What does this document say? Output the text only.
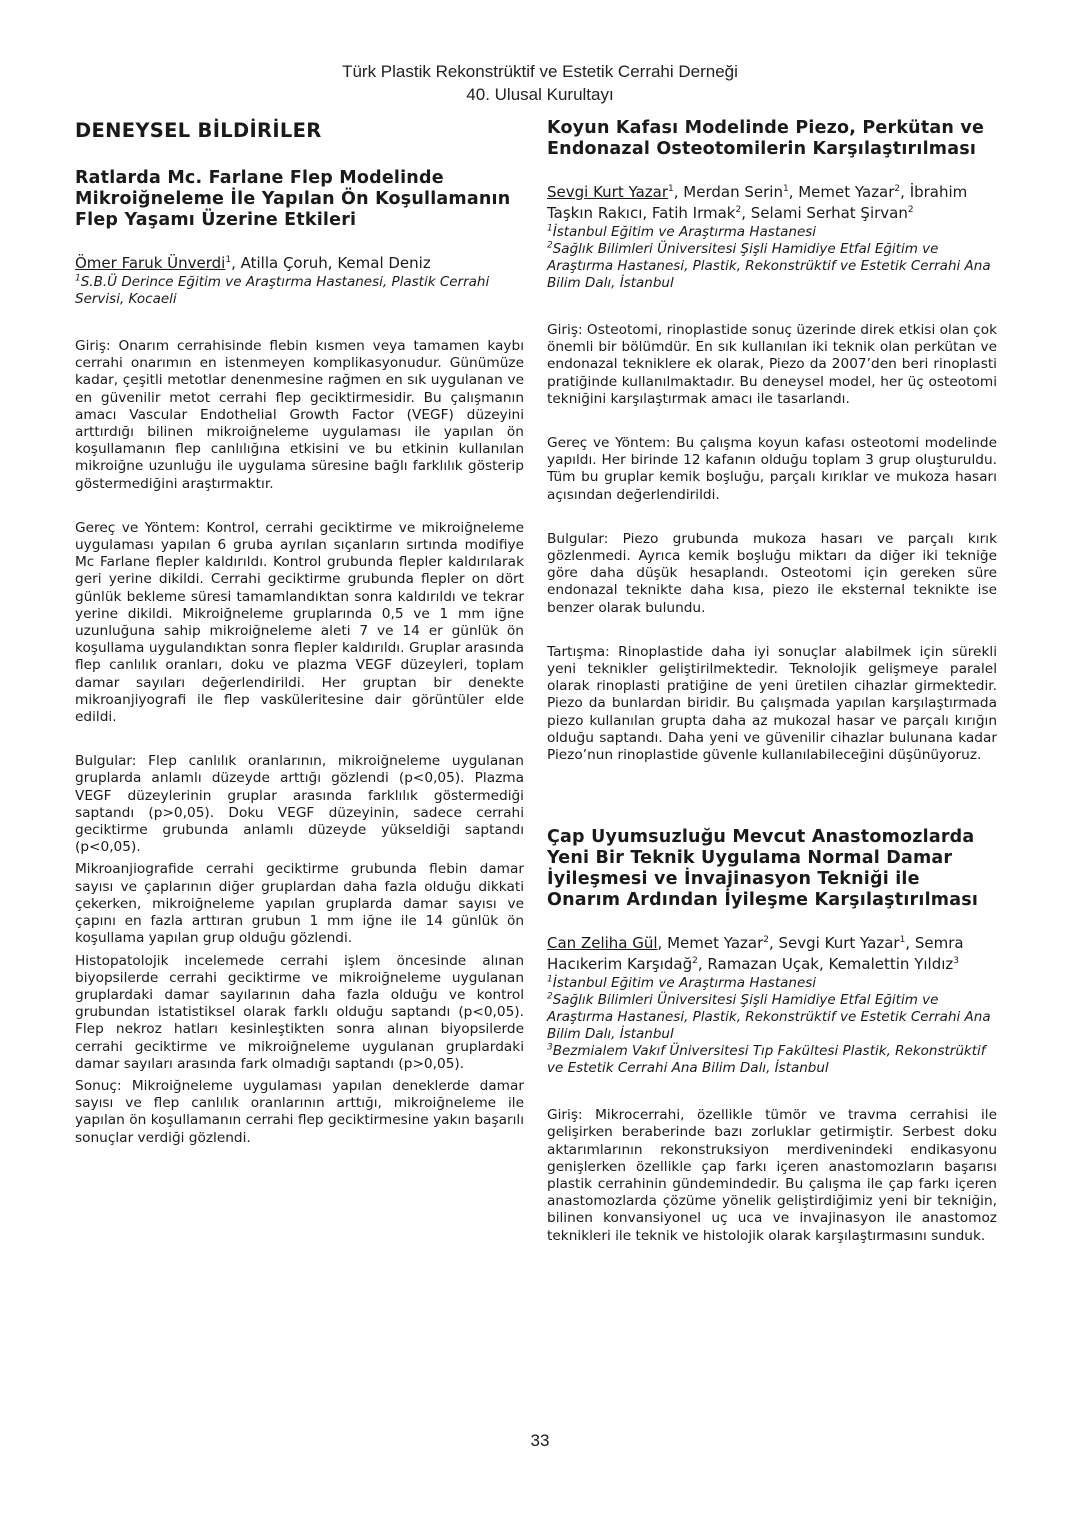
Türk Plastik Rekonstrüktif ve Estetik Cerrahi Derneği
40. Ulusal Kurultayı
DENEYSEL BİLDİRİLER
Ratlarda Mc. Farlane Flep Modelinde Mikroiğneleme İle Yapılan Ön Koşullamanın Flep Yaşamı Üzerine Etkileri

Ömer Faruk Ünverdi$^1$, Atilla Çoruh, Kemal Deniz

$^1$S.B.Ü Derince Eğitim ve Araştırma Hastanesi, Plastik Cerrahi Servisi, Kocaeli

Giriş: Onarım cerrahisinde flebin kısmen veya tamamen kaybı cerrahi onarımın en istenmeyen komplikasyonudur. Günümüze kadar, çeşitli metotlar denenmesine rağmen en sık uygulanan ve en güvenilir metot cerrahi flep geciktirmesidir. Bu çalışmanın amacı Vascular Endothelial Growth Factor (VEGF) düzeyini arttırdığı bilinen mikroiğneleme uygulaması ile yapılan ön koşullamanın flep canlılığına etkisini ve bu etkinin kullanılan mikroiğne uzunluğu ile uygulama süresine bağlı farklılık gösterip göstermediğini araştırmaktır.

Gereç ve Yöntem: Kontrol, cerrahi geciktirme ve mikroiğneleme uygulaması yapılan 6 gruba ayrılan sıçanların sırtında modifiye Mc Farlane flepler kaldırıldı. Kontrol grubunda flepler kaldırılarak geri yerine dikildi. Cerrahi geciktirme grubunda flepler on dört günlük bekleme süresi tamamlandıktan sonra kaldırıldı ve tekrar yerine dikildi. Mikroiğneleme gruplarında 0,5 ve 1 mm iğne uzunluğuna sahip mikroiğneleme aleti 7 ve 14 er günlük ön koşullama uygulandıktan sonra flepler kaldırıldı. Gruplar arasında flep canlılık oranları, doku ve plazma VEGF düzeyleri, toplam damar sayıları değerlendirildi. Her gruptan bir denekte mikroanjiyografi ile flep vasküleritesine dair görüntüler elde edildi.

Bulgular: Flep canlılık oranlarının, mikroiğneleme uygulanan gruplarda anlamlı düzeyde arttığı gözlendi (p<0,05). Plazma VEGF düzeylerinin gruplar arasında farklılık göstermediği saptandı (p>0,05). Doku VEGF düzeyinin, sadece cerrahi geciktirme grubunda anlamlı düzeyde yükseldiği saptandı (p<0,05).

Mikroanjiografide cerrahi geciktirme grubunda flebin damar sayısı ve çaplarının diğer gruplardan daha fazla olduğu dikkati çekerken, mikroiğneleme yapılan gruplarda damar sayısı ve çapını en fazla arttıran grubun 1 mm iğne ile 14 günlük ön koşullama yapılan grup olduğu gözlendi.

Histopatolojik incelemede cerrahi işlem öncesinde alınan biyopsilerde cerrahi geciktirme ve mikroiğneleme uygulanan gruplardaki damar sayılarının daha fazla olduğu ve kontrol grubundan istatistiksel olarak farklı olduğu saptandı (p<0,05). Flep nekroz hatları kesinleştikten sonra alınan biyopsilerde cerrahi geciktirme ve mikroiğneleme uygulanan gruplardaki damar sayıları arasında fark olmadığı saptandı (p>0,05).

Sonuç: Mikroiğneleme uygulaması yapılan deneklerde damar sayısı ve flep canlılık oranlarının arttığı, mikroiğneleme ile yapılan ön koşullamanın cerrahi flep geciktirmesine yakın başarılı sonuçlar verdiği gözlendi.

Koyun Kafası Modelinde Piezo, Perkütan ve Endonazal Osteotomilerin Karşılaştırılması

Sevgi Kurt Yazar$^1$, Merdan Serin$^1$, Memet Yazar$^2$, İbrahim Taşkın Rakıcı, Fatih Irmak$^2$, Selami Serhat Şirvan$^2$

$^1$İstanbul Eğitim ve Araştırma Hastanesi

$^2$Sağlık Bilimleri Üniversitesi Şişli Hamidiye Etfal Eğitim ve Araştırma Hastanesi, Plastik, Rekonstrüktif ve Estetik Cerrahi Ana Bilim Dalı, İstanbul

Giriş: Osteotomi, rinoplastide sonuç üzerinde direk etkisi olan çok önemli bir bölümdür. En sık kullanılan iki teknik olan perkütan ve endonazal tekniklere ek olarak, Piezo da 2007’den beri rinoplasti pratiğinde kullanılmaktadır. Bu deneysel model, her üç osteotomi tekniğini karşılaştırmak amacı ile tasarlandı.

Gereç ve Yöntem: Bu çalışma koyun kafası osteotomi modelinde yapıldı. Her birinde 12 kafanın olduğu toplam 3 grup oluşturuldu. Tüm bu gruplar kemik boşluğu, parçalı kırıklar ve mukoza hasarı açısından değerlendirildi.

Bulgular: Piezo grubunda mukoza hasarı ve parçalı kırık gözlenmedi. Ayrıca kemik boşluğu miktarı da diğer iki tekniğe göre daha düşük hesaplandı. Osteotomi için gereken süre endonazal teknikte daha kısa, piezo ile eksternal teknikte ise benzer olarak bulundu.

Tartışma: Rinoplastide daha iyi sonuçlar alabilmek için sürekli yeni teknikler geliştirilmektedir. Teknolojik gelişmeye paralel olarak rinoplasti pratiğine de yeni üretilen cihazlar girmektedir. Piezo da bunlardan biridir. Bu çalışmada yapılan karşılaştırmada piezo kullanılan grupta daha az mukozal hasar ve parçalı kırığın olduğu saptandı. Daha yeni ve güvenilir cihazlar bulunana kadar Piezo’nun rinoplastide güvenle kullanılabileceğini düşünüyoruz.

Çap Uyumsuzluğu Mevcut Anastomozlarda Yeni Bir Teknik Uygulama Normal Damar İyileşmesi ve İnvajinasyon Tekniği ile Onarım Ardından İyileşme Karşılaştırılması

Can Zeliha Gül, Memet Yazar$^2$, Sevgi Kurt Yazar$^1$, Semra Hacıkerim Karşıdağ$^2$, Ramazan Uçak, Kemalettin Yıldız$^3$

$^1$İstanbul Eğitim ve Araştırma Hastanesi

$^2$Sağlık Bilimleri Üniversitesi Şişli Hamidiye Etfal Eğitim ve Araştırma Hastanesi, Plastik, Rekonstrüktif ve Estetik Cerrahi Ana Bilim Dalı, İstanbul

$^3$Bezmialem Vakıf Üniversitesi Tıp Fakültesi Plastik, Rekonstrüktif ve Estetik Cerrahi Ana Bilim Dalı, İstanbul

Giriş: Mikrocerrahi, özellikle tümör ve travma cerrahisi ile gelişirken beraberinde bazı zorluklar getirmiştir. Serbest doku aktarımlarının rekonstruksiyon merdivenindeki endikasyonu genişlerken özellikle çap farkı içeren anastomozların başarısı plastik cerrahinin gündemindedir. Bu çalışma ile çap farkı içeren anastomozlarda çözüme yönelik geliştirdiğimiz yeni bir tekniğin, bilinen konvansiyonel uç uca ve invajinasyon ile anastomoz teknikleri ile teknik ve histolojik olarak karşılaştırmasını sunduk.

33
